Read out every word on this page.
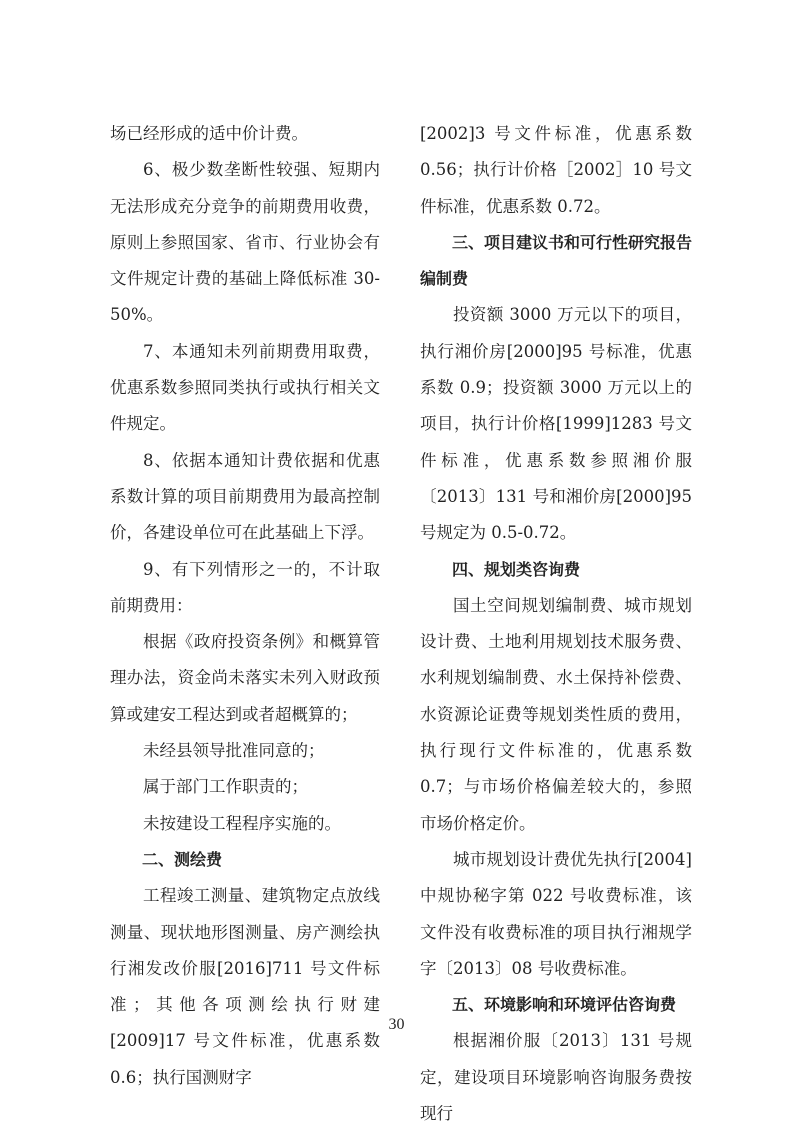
场已经形成的适中价计费。

6、极少数垄断性较强、短期内无法形成充分竞争的前期费用收费，原则上参照国家、省市、行业协会有文件规定计费的基础上降低标准 30-50%。

7、本通知未列前期费用取费，优惠系数参照同类执行或执行相关文件规定。

8、依据本通知计费依据和优惠系数计算的项目前期费用为最高控制价，各建设单位可在此基础上下浮。

9、有下列情形之一的，不计取前期费用：

根据《政府投资条例》和概算管理办法，资金尚未落实未列入财政预算或建安工程达到或者超概算的；

未经县领导批准同意的；

属于部门工作职责的；

未按建设工程程序实施的。

二、测绘费

工程竣工测量、建筑物定点放线测量、现状地形图测量、房产测绘执行湘发改价服[2016]711 号文件标准；其他各项测绘执行财建[2009]17 号文件标准，优惠系数 0.6；执行国测财字

[2002]3 号文件标准，优惠系数 0.56；执行计价格［2002］10 号文件标准，优惠系数 0.72。

三、项目建议书和可行性研究报告编制费

投资额 3000 万元以下的项目，执行湘价房[2000]95 号标准，优惠系数 0.9；投资额 3000 万元以上的项目，执行计价格[1999]1283 号文件标准，优惠系数参照湘价服〔2013〕131 号和湘价房[2000]95 号规定为 0.5-0.72。

四、规划类咨询费

国土空间规划编制费、城市规划设计费、土地利用规划技术服务费、水利规划编制费、水土保持补偿费、水资源论证费等规划类性质的费用，执行现行文件标准的，优惠系数 0.7；与市场价格偏差较大的，参照市场价格定价。

城市规划设计费优先执行[2004]中规协秘字第 022 号收费标准，该文件没有收费标准的项目执行湘规学字〔2013〕08 号收费标准。

五、环境影响和环境评估咨询费

根据湘价服〔2013〕131 号规定，建设项目环境影响咨询服务费按现行

30
